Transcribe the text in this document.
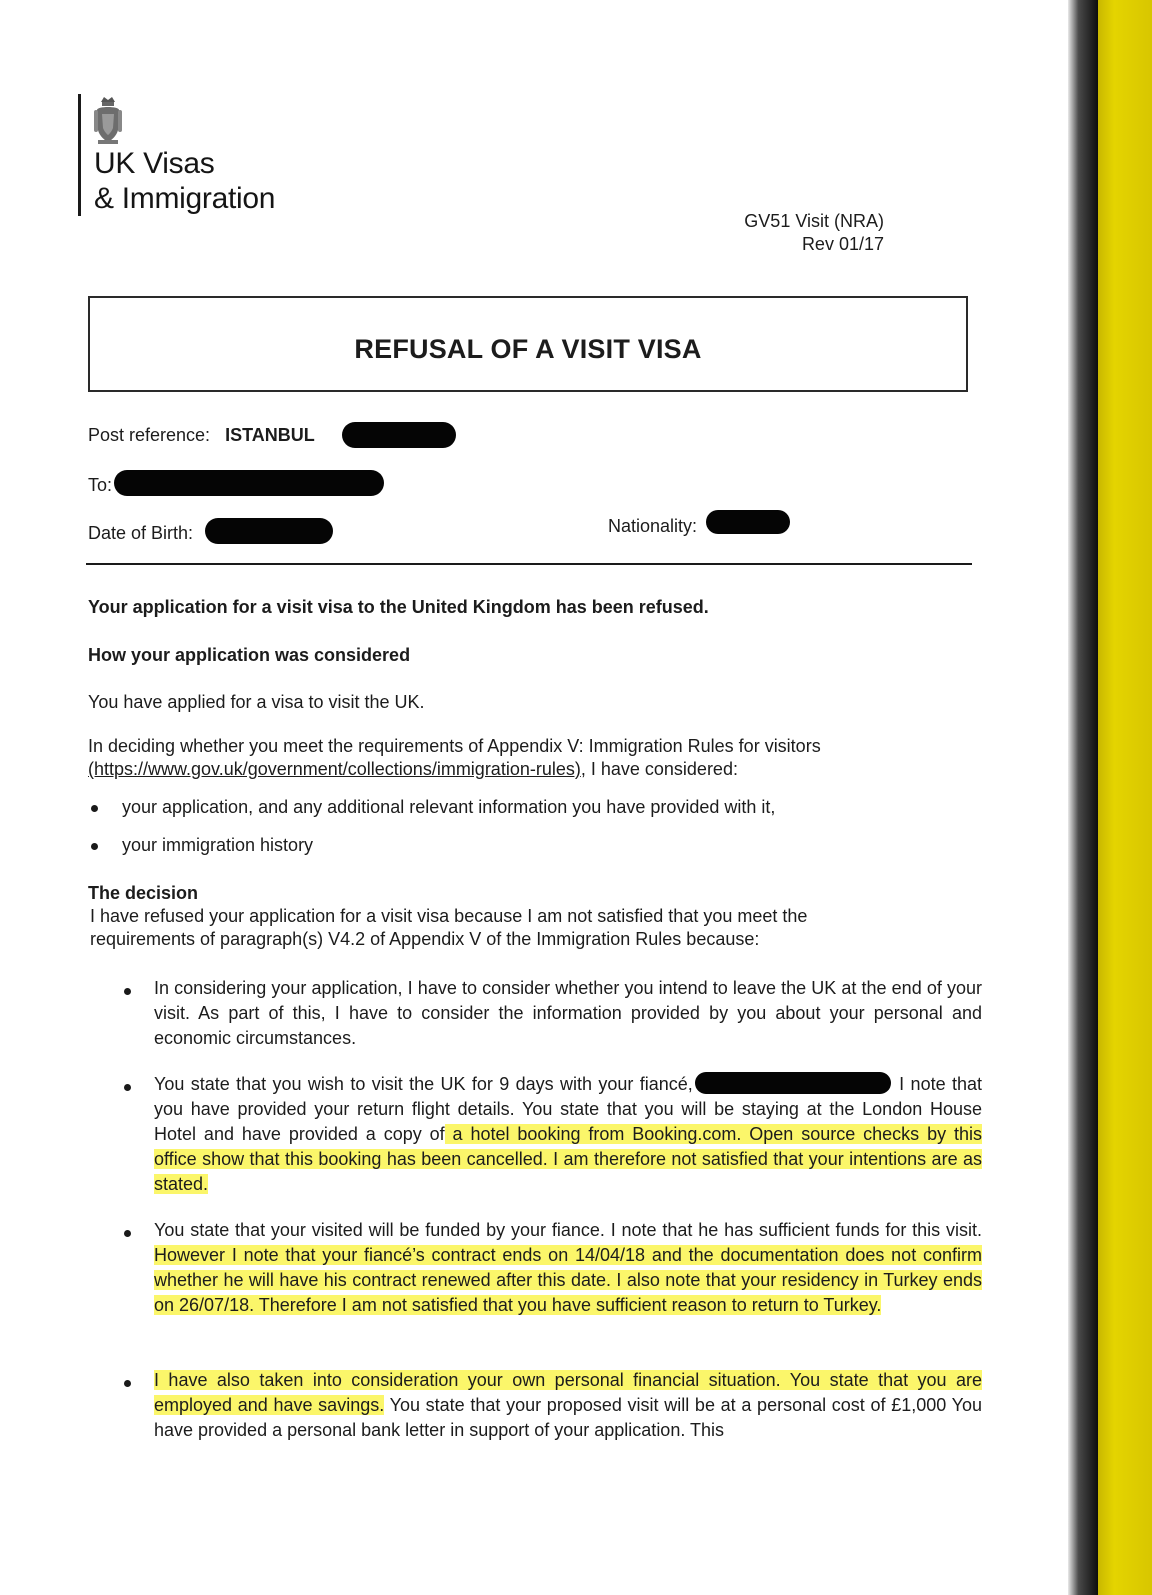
UK Visas
& Immigration
GV51 Visit (NRA)
Rev 01/17
REFUSAL OF A VISIT VISA
Post reference: ISTANBUL
To:
Date of Birth:	Nationality:

Your application for a visit visa to the United Kingdom has been refused.

How your application was considered

You have applied for a visa to visit the UK.

In deciding whether you meet the requirements of Appendix V: Immigration Rules for visitors
(https://www.gov.uk/government/collections/immigration-rules), I have considered:

your application, and any additional relevant information you have provided with it,
your immigration history

The decision

I have refused your application for a visit visa because I am not satisfied that you meet the requirements of paragraph(s) V4.2 of Appendix V of the Immigration Rules because:

In considering your application, I have to consider whether you intend to leave the UK at the end of your visit. As part of this, I have to consider the information provided by you about your personal and economic circumstances.

You state that you wish to visit the UK for 9 days with your fiancé,	I note that you have provided your return flight details. You state that you will be staying at the London House Hotel and have provided a copy of a hotel booking from Booking.com. Open source checks by this office show that this booking has been cancelled. I am therefore not satisfied that your intentions are as stated.

You state that your visited will be funded by your fiance. I note that he has sufficient funds for this visit. However I note that your fiancé’s contract ends on 14/04/18 and the documentation does not confirm whether he will have his contract renewed after this date. I also note that your residency in Turkey ends on 26/07/18. Therefore I am not satisfied that you have sufficient reason to return to Turkey.

I have also taken into consideration your own personal financial situation. You state that you are employed and have savings. You state that your proposed visit will be at a personal cost of £1,000 You have provided a personal bank letter in support of your application. This
